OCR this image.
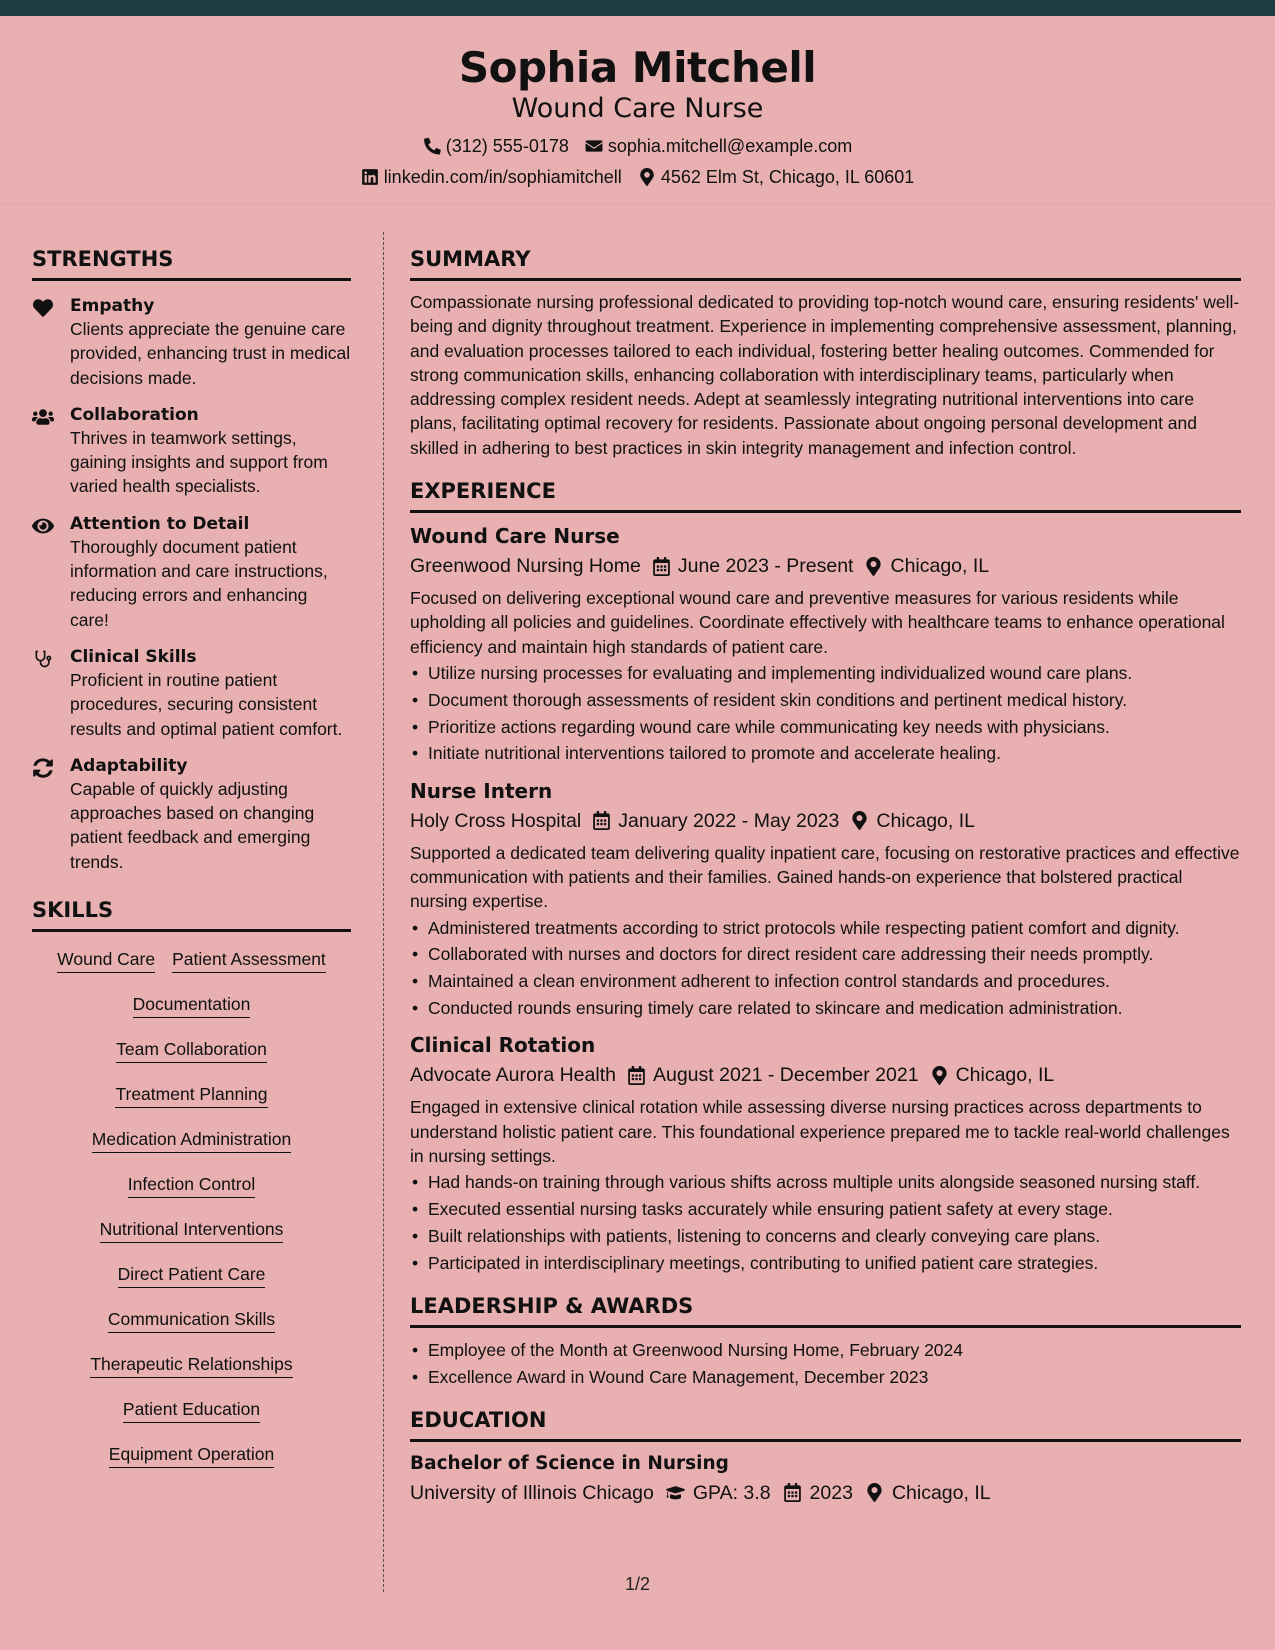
Sophia Mitchell
Wound Care Nurse
(312) 555-0178 sophia.mitchell@example.com
linkedin.com/in/sophiamitchell 4562 Elm St, Chicago, IL 60601
STRENGTHS
Empathy
Clients appreciate the genuine care provided, enhancing trust in medical decisions made.
Collaboration
Thrives in teamwork settings, gaining insights and support from varied health specialists.
Attention to Detail
Thoroughly document patient information and care instructions, reducing errors and enhancing care!
Clinical Skills
Proficient in routine patient procedures, securing consistent results and optimal patient comfort.
Adaptability
Capable of quickly adjusting approaches based on changing patient feedback and emerging trends.
SKILLS
Wound Care Patient Assessment
Documentation
Team Collaboration
Treatment Planning
Medication Administration
Infection Control
Nutritional Interventions
Direct Patient Care
Communication Skills
Therapeutic Relationships
Patient Education
Equipment Operation
SUMMARY
Compassionate nursing professional dedicated to providing top-notch wound care, ensuring residents' well-being and dignity throughout treatment. Experience in implementing comprehensive assessment, planning, and evaluation processes tailored to each individual, fostering better healing outcomes. Commended for strong communication skills, enhancing collaboration with interdisciplinary teams, particularly when addressing complex resident needs. Adept at seamlessly integrating nutritional interventions into care plans, facilitating optimal recovery for residents. Passionate about ongoing personal development and skilled in adhering to best practices in skin integrity management and infection control.
EXPERIENCE
Wound Care Nurse
Greenwood Nursing Home June 2023 - Present Chicago, IL
Focused on delivering exceptional wound care and preventive measures for various residents while upholding all policies and guidelines. Coordinate effectively with healthcare teams to enhance operational efficiency and maintain high standards of patient care.
• Utilize nursing processes for evaluating and implementing individualized wound care plans.
• Document thorough assessments of resident skin conditions and pertinent medical history.
• Prioritize actions regarding wound care while communicating key needs with physicians.
• Initiate nutritional interventions tailored to promote and accelerate healing.
Nurse Intern
Holy Cross Hospital January 2022 - May 2023 Chicago, IL
Supported a dedicated team delivering quality inpatient care, focusing on restorative practices and effective communication with patients and their families. Gained hands-on experience that bolstered practical nursing expertise.
• Administered treatments according to strict protocols while respecting patient comfort and dignity.
• Collaborated with nurses and doctors for direct resident care addressing their needs promptly.
• Maintained a clean environment adherent to infection control standards and procedures.
• Conducted rounds ensuring timely care related to skincare and medication administration.
Clinical Rotation
Advocate Aurora Health August 2021 - December 2021 Chicago, IL
Engaged in extensive clinical rotation while assessing diverse nursing practices across departments to understand holistic patient care. This foundational experience prepared me to tackle real-world challenges in nursing settings.
• Had hands-on training through various shifts across multiple units alongside seasoned nursing staff.
• Executed essential nursing tasks accurately while ensuring patient safety at every stage.
• Built relationships with patients, listening to concerns and clearly conveying care plans.
• Participated in interdisciplinary meetings, contributing to unified patient care strategies.
LEADERSHIP & AWARDS
• Employee of the Month at Greenwood Nursing Home, February 2024
• Excellence Award in Wound Care Management, December 2023
EDUCATION
Bachelor of Science in Nursing
University of Illinois Chicago GPA: 3.8 2023 Chicago, IL
1/2
